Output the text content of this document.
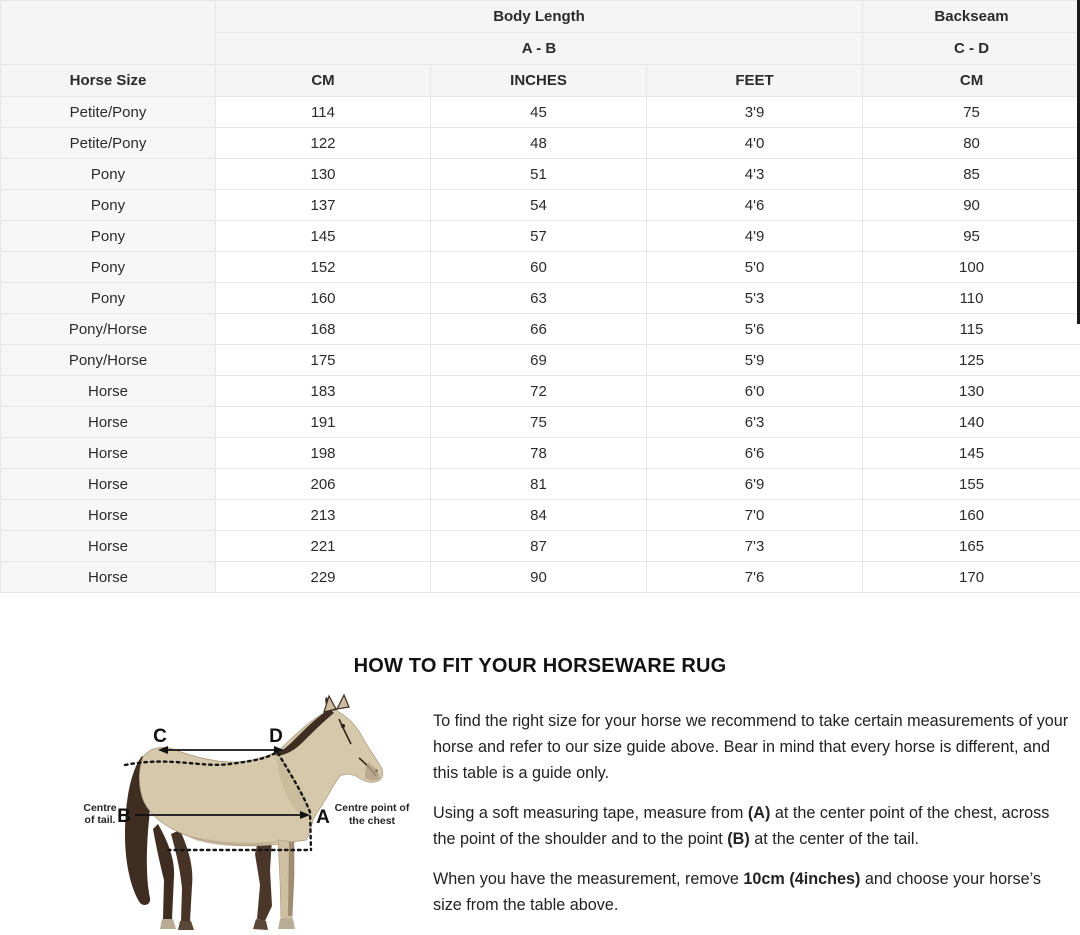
	Body Length			Backseam
	A - B			C - D
Horse Size	CM	INCHES	FEET	CM
Petite/Pony	114	45	3'9	75
Petite/Pony	122	48	4'0	80
Pony	130	51	4'3	85
Pony	137	54	4'6	90
Pony	145	57	4'9	95
Pony	152	60	5'0	100
Pony	160	63	5'3	110
Pony/Horse	168	66	5'6	115
Pony/Horse	175	69	5'9	125
Horse	183	72	6'0	130
Horse	191	75	6'3	140
Horse	198	78	6'6	145
Horse	206	81	6'9	155
Horse	213	84	7'0	160
Horse	221	87	7'3	165
Horse	229	90	7'6	170
HOW TO FIT YOUR HORSEWARE RUG
C	D
B	A
Centre
of tail.
Centre point of
the chest

To find the right size for your horse we recommend to take certain measurements of your horse and refer to our size guide above. Bear in mind that every horse is different, and this table is a guide only.

Using a soft measuring tape, measure from (A) at the center point of the chest, across the point of the shoulder and to the point (B) at the center of the tail.

When you have the measurement, remove 10cm (4inches) and choose your horse’s size from the table above.
